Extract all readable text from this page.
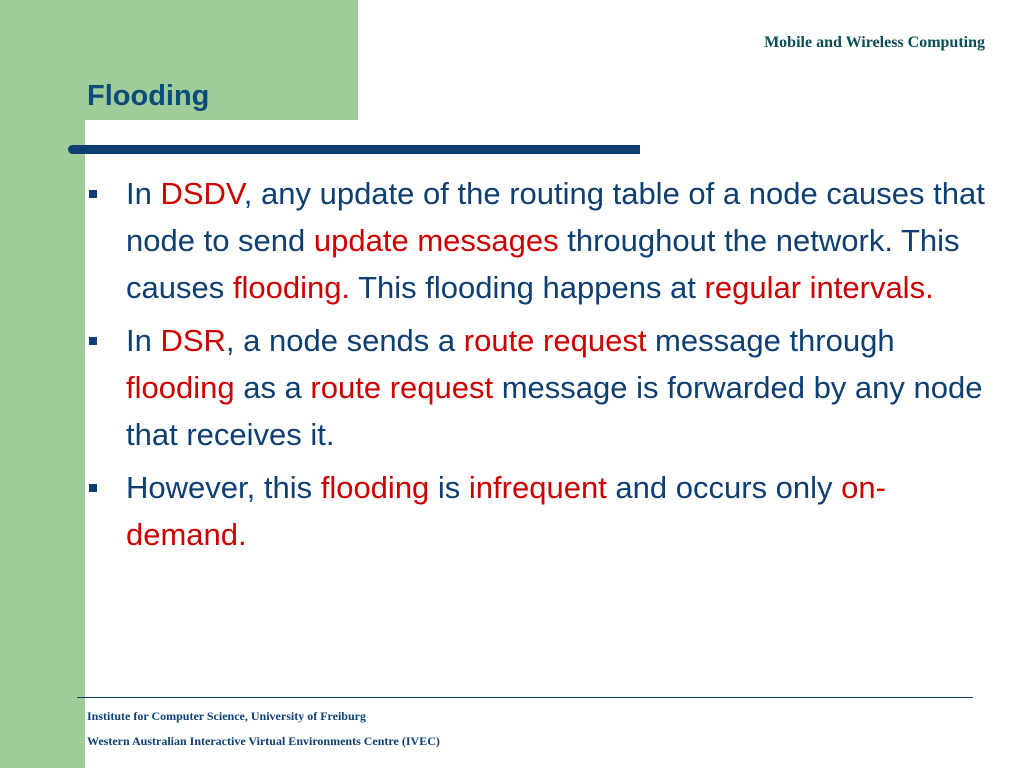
Mobile and Wireless Computing
Flooding
In DSDV, any update of the routing table of a node causes that node to send update messages throughout the network. This causes flooding. This flooding happens at regular intervals.
In DSR, a node sends a route request message through flooding as a route request message is forwarded by any node that receives it.
However, this flooding is infrequent and occurs only on-demand.
Institute for Computer Science, University of Freiburg
Western Australian Interactive Virtual Environments Centre (IVEC)
